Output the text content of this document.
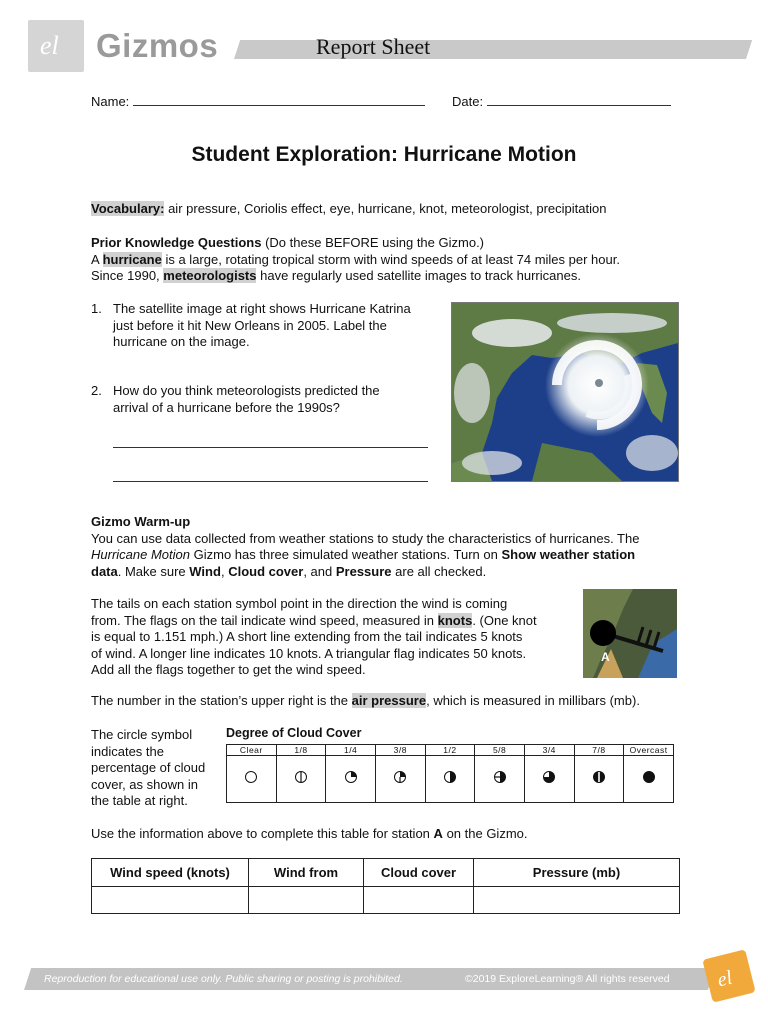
el Gizmos	Report Sheet
Name:	Date:
Student Exploration: Hurricane Motion
Vocabulary: air pressure, Coriolis effect, eye, hurricane, knot, meteorologist, precipitation
Prior Knowledge Questions (Do these BEFORE using the Gizmo.)
A hurricane is a large, rotating tropical storm with wind speeds of at least 74 miles per hour.
Since 1990, meteorologists have regularly used satellite images to track hurricanes.
1. The satellite image at right shows Hurricane Katrina
just before it hit New Orleans in 2005. Label the
hurricane on the image.
2. How do you think meteorologists predicted the
arrival of a hurricane before the 1990s?
Gizmo Warm-up
You can use data collected from weather stations to study the characteristics of hurricanes. The
Hurricane Motion Gizmo has three simulated weather stations. Turn on Show weather station
data. Make sure Wind, Cloud cover, and Pressure are all checked.
The tails on each station symbol point in the direction the wind is coming
from. The flags on the tail indicate wind speed, measured in knots. (One knot
is equal to 1.151 mph.) A short line extending from the tail indicates 5 knots
of wind. A longer line indicates 10 knots. A triangular flag indicates 50 knots.
Add all the flags together to get the wind speed.
A
The number in the station’s upper right is the air pressure, which is measured in millibars (mb).
The circle symbol
indicates the
percentage of cloud
cover, as shown in
the table at right.
Degree of Cloud Cover
Clear	1/8	1/4	3/8	1/2	5/8	3/4	7/8	Overcast

Use the information above to complete this table for station A on the Gizmo.
Wind speed (knots)	Wind from	Cloud cover	Pressure (mb)

Reproduction for educational use only. Public sharing or posting is prohibited.	©2019 ExploreLearning® All rights reserved el
